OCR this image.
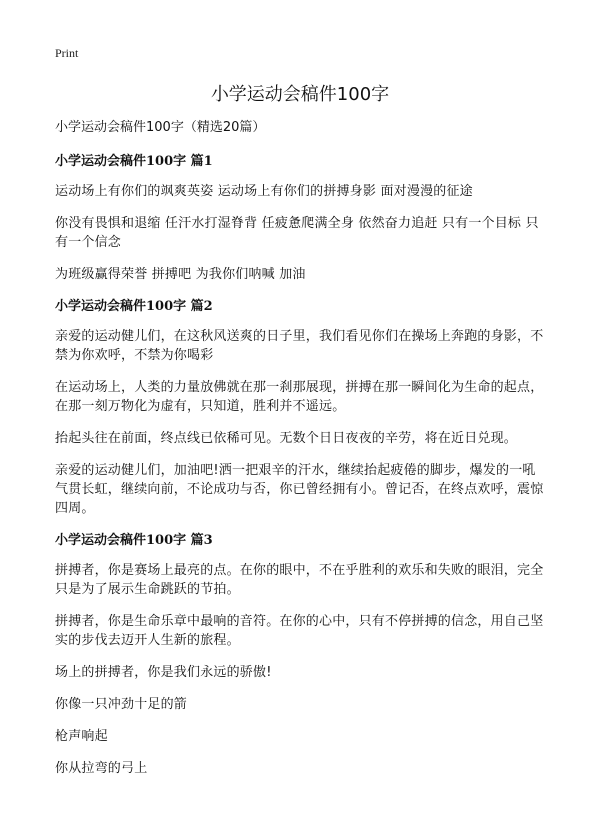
Print
小学运动会稿件100字

小学运动会稿件100字（精选20篇）

小学运动会稿件100字 篇1

运动场上有你们的飒爽英姿 运动场上有你们的拼搏身影 面对漫漫的征途

你没有畏惧和退缩 任汗水打湿脊背 任疲惫爬满全身 依然奋力追赶 只有一个目标 只有一个信念

为班级赢得荣誉 拼搏吧 为我你们呐喊 加油

小学运动会稿件100字 篇2

亲爱的运动健儿们，在这秋风送爽的日子里，我们看见你们在操场上奔跑的身影，不禁为你欢呼，不禁为你喝彩

在运动场上，人类的力量放佛就在那一刹那展现，拼搏在那一瞬间化为生命的起点，在那一刻万物化为虚有，只知道，胜利并不遥远。

抬起头往在前面，终点线已依稀可见。无数个日日夜夜的辛劳，将在近日兑现。

亲爱的运动健儿们，加油吧!洒一把艰辛的汗水，继续抬起疲倦的脚步，爆发的一吼气贯长虹，继续向前，不论成功与否，你已曾经拥有小。曾记否，在终点欢呼，震惊四周。

小学运动会稿件100字 篇3

拼搏者，你是赛场上最亮的点。在你的眼中，不在乎胜利的欢乐和失败的眼泪，完全只是为了展示生命跳跃的节拍。

拼搏者，你是生命乐章中最响的音符。在你的心中，只有不停拼搏的信念，用自己坚实的步伐去迈开人生新的旅程。

场上的拼搏者，你是我们永远的骄傲!

你像一只冲劲十足的箭

枪声响起

你从拉弯的弓上
